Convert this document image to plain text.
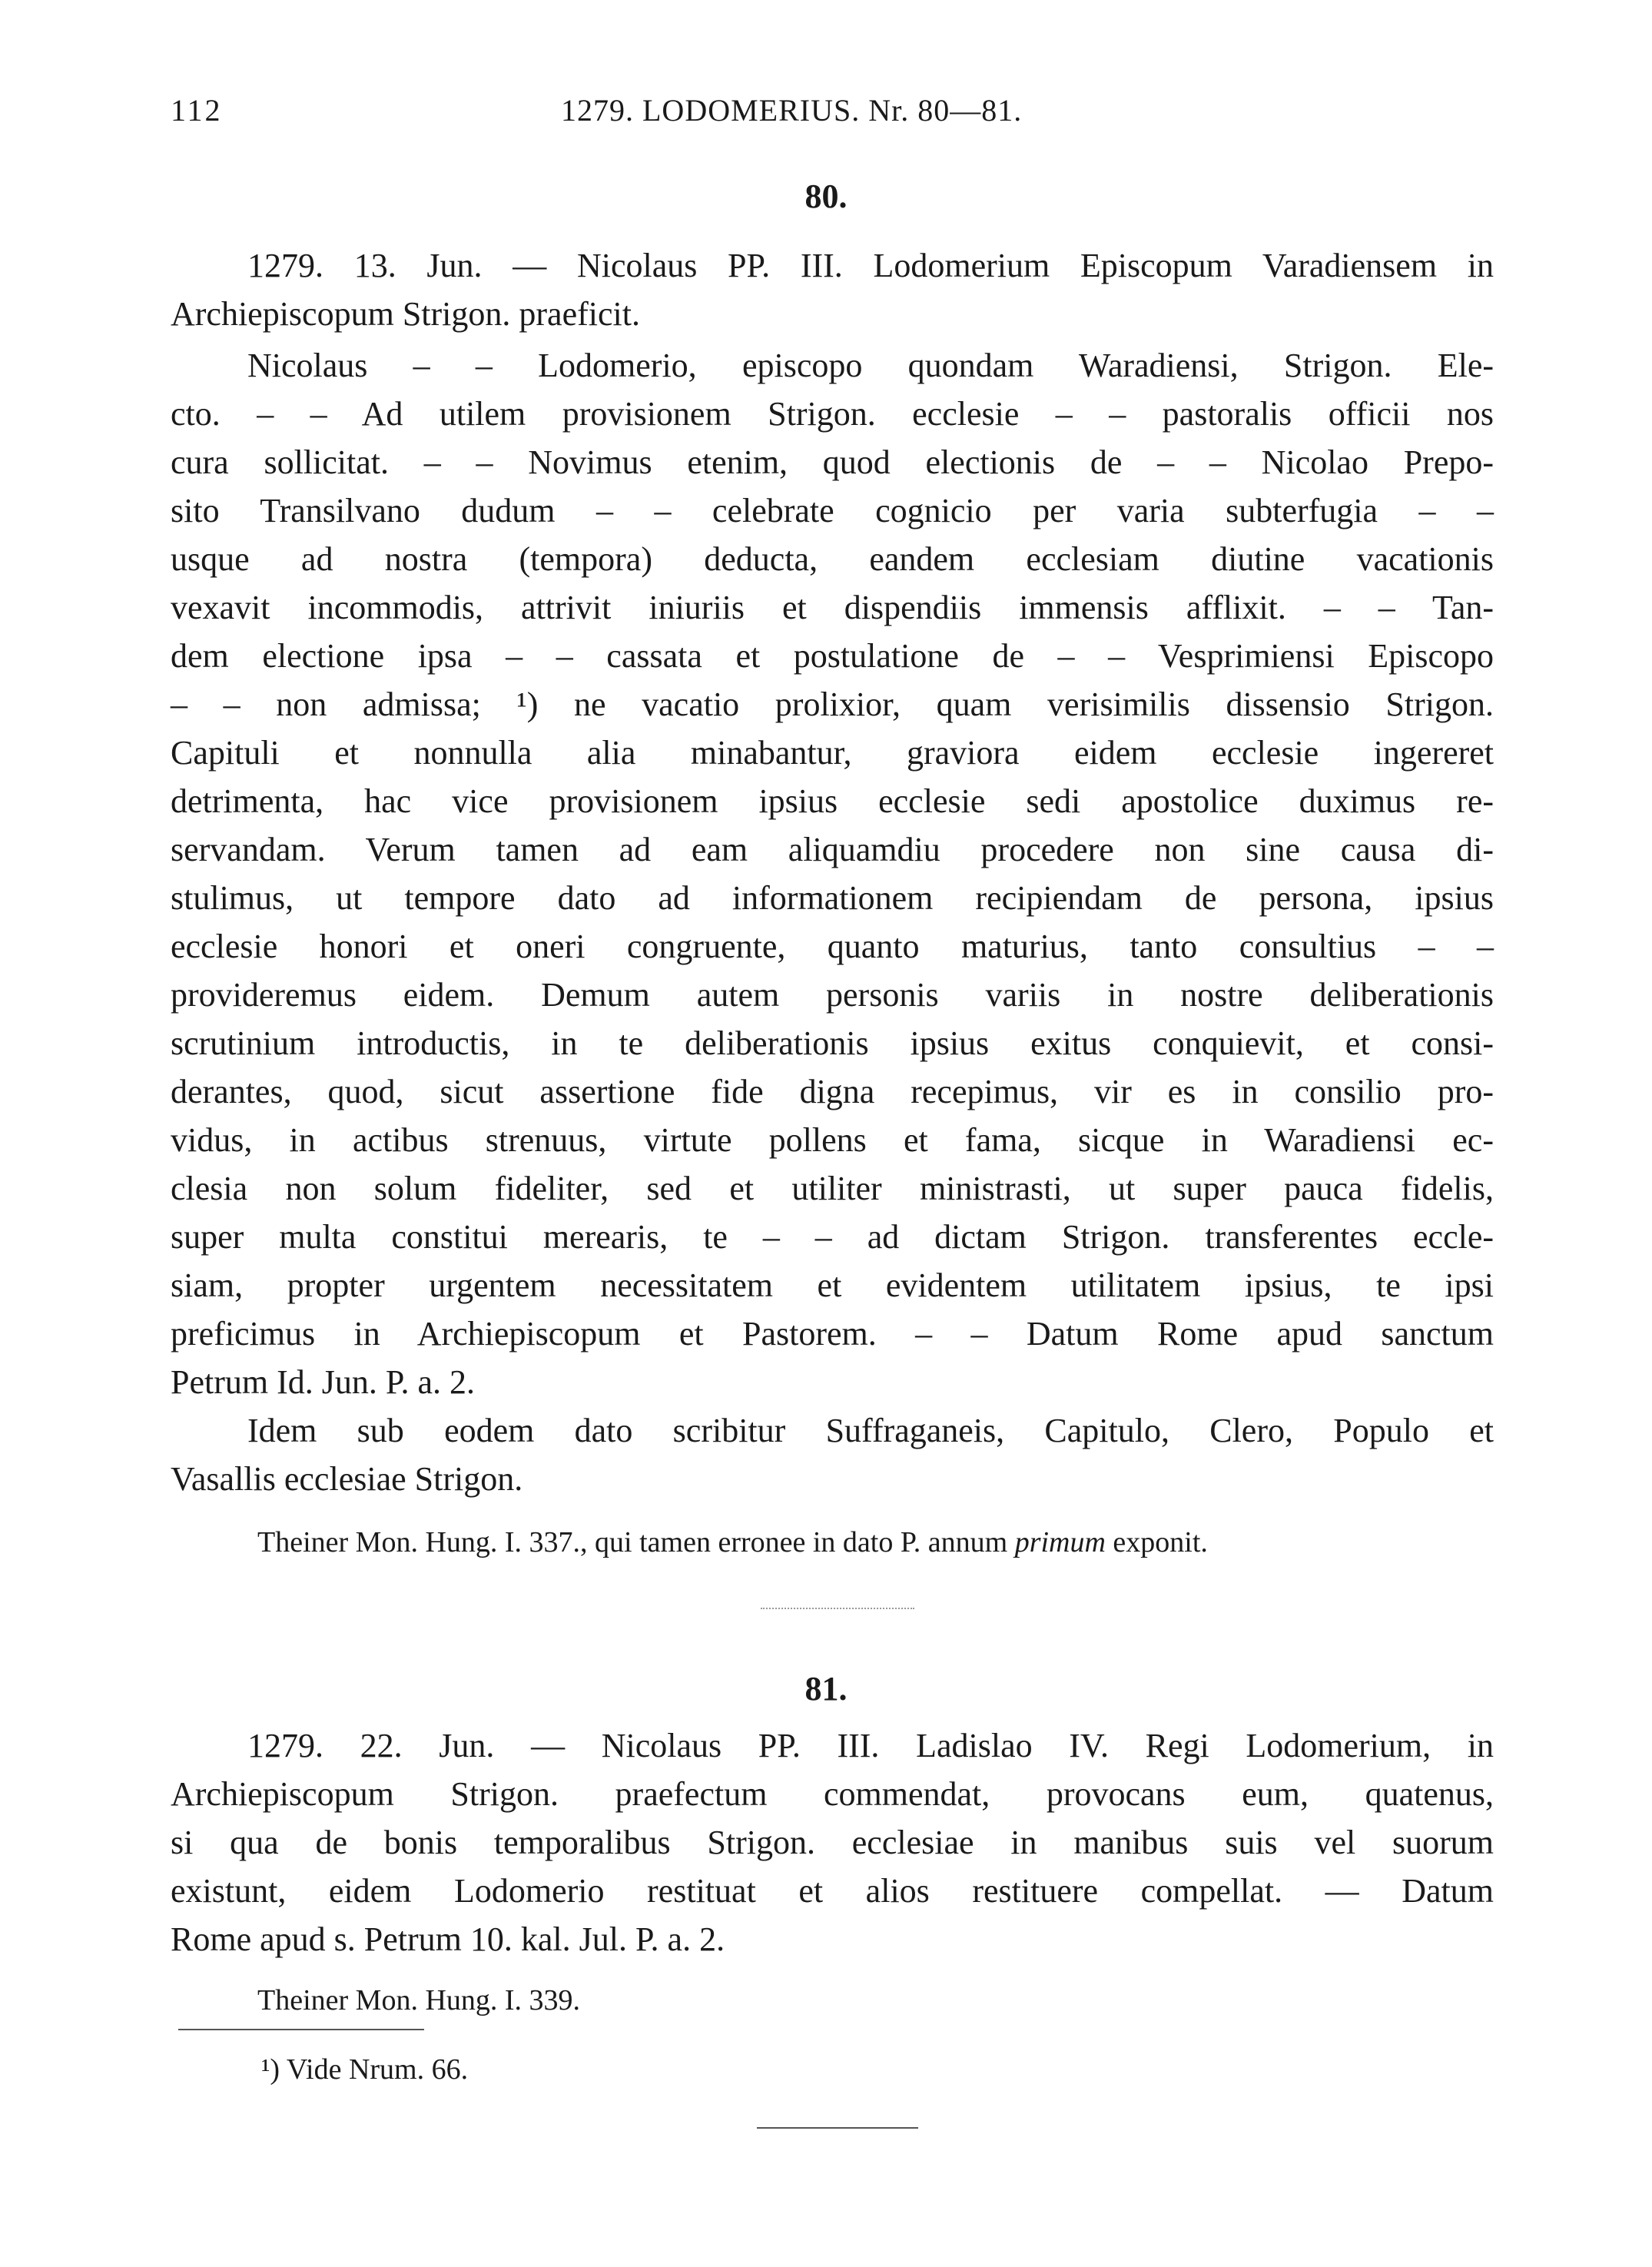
112	1279. LODOMERIUS. Nr. 80—81.
80.
1279. 13. Jun. — Nicolaus PP. III. Lodomerium Episcopum Varadiensem in
Archiepiscopum Strigon. praeficit.
Nicolaus – – Lodomerio, episcopo quondam Waradiensi, Strigon. Ele-
cto. – – Ad utilem provisionem Strigon. ecclesie – – pastoralis officii nos
cura sollicitat. – – Novimus etenim, quod electionis de – – Nicolao Prepo-
sito Transilvano dudum – – celebrate cognicio per varia subterfugia – –
usque ad nostra (tempora) deducta, eandem ecclesiam diutine vacationis
vexavit incommodis, attrivit iniuriis et dispendiis immensis afflixit. – – Tan-
dem electione ipsa – – cassata et postulatione de – – Vesprimiensi Episcopo
– – non admissa; ¹) ne vacatio prolixior, quam verisimilis dissensio Strigon.
Capituli et nonnulla alia minabantur, graviora eidem ecclesie ingereret
detrimenta, hac vice provisionem ipsius ecclesie sedi apostolice duximus re-
servandam. Verum tamen ad eam aliquamdiu procedere non sine causa di-
stulimus, ut tempore dato ad informationem recipiendam de persona, ipsius
ecclesie honori et oneri congruente, quanto maturius, tanto consultius – –
provideremus eidem. Demum autem personis variis in nostre deliberationis
scrutinium introductis, in te deliberationis ipsius exitus conquievit, et consi-
derantes, quod, sicut assertione fide digna recepimus, vir es in consilio pro-
vidus, in actibus strenuus, virtute pollens et fama, sicque in Waradiensi ec-
clesia non solum fideliter, sed et utiliter ministrasti, ut super pauca fidelis,
super multa constitui merearis, te – – ad dictam Strigon. transferentes eccle-
siam, propter urgentem necessitatem et evidentem utilitatem ipsius, te ipsi
preficimus in Archiepiscopum et Pastorem. – – Datum Rome apud sanctum
Petrum Id. Jun. P. a. 2.
Idem sub eodem dato scribitur Suffraganeis, Capitulo, Clero, Populo et
Vasallis ecclesiae Strigon.
Theiner Mon. Hung. I. 337., qui tamen erronee in dato P. annum primum exponit.
81.
1279. 22. Jun. — Nicolaus PP. III. Ladislao IV. Regi Lodomerium, in
Archiepiscopum Strigon. praefectum commendat, provocans eum, quatenus,
si qua de bonis temporalibus Strigon. ecclesiae in manibus suis vel suorum
existunt, eidem Lodomerio restituat et alios restituere compellat. — Datum
Rome apud s. Petrum 10. kal. Jul. P. a. 2.
Theiner Mon. Hung. I. 339.
¹) Vide Nrum. 66.
